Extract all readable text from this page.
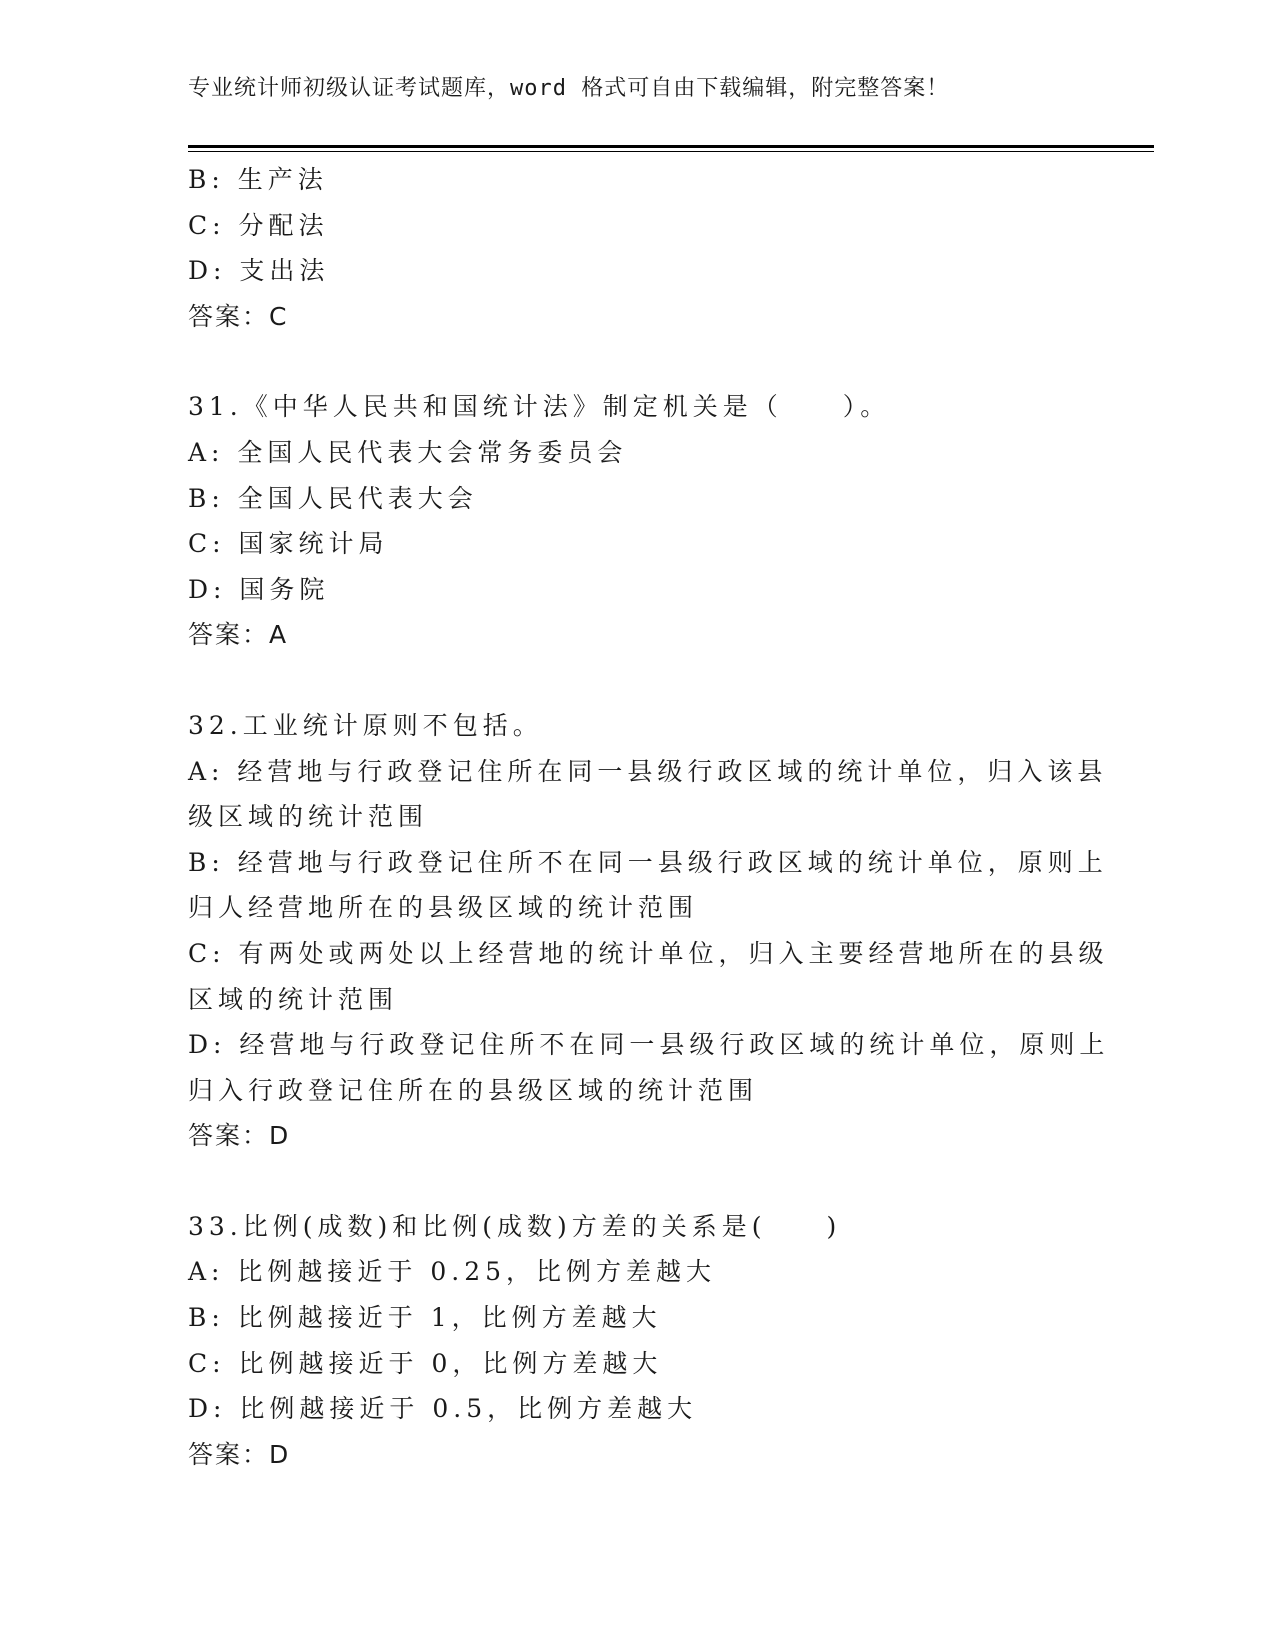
专业统计师初级认证考试题库，word 格式可自由下载编辑，附完整答案！
B: 生产法
C: 分配法
D: 支出法
答案：C
31.《中华人民共和国统计法》制定机关是（　　）。
A: 全国人民代表大会常务委员会
B: 全国人民代表大会
C: 国家统计局
D: 国务院
答案：A
32.工业统计原则不包括。
A: 经营地与行政登记住所在同一县级行政区域的统计单位，归入该县
级区域的统计范围
B: 经营地与行政登记住所不在同一县级行政区域的统计单位，原则上
归人经营地所在的县级区域的统计范围
C: 有两处或两处以上经营地的统计单位，归入主要经营地所在的县级
区域的统计范围
D: 经营地与行政登记住所不在同一县级行政区域的统计单位，原则上
归入行政登记住所在的县级区域的统计范围
答案：D
33.比例(成数)和比例(成数)方差的关系是(　　)
A: 比例越接近于 0.25，比例方差越大
B: 比例越接近于 1，比例方差越大
C: 比例越接近于 0，比例方差越大
D: 比例越接近于 0.5，比例方差越大
答案：D
